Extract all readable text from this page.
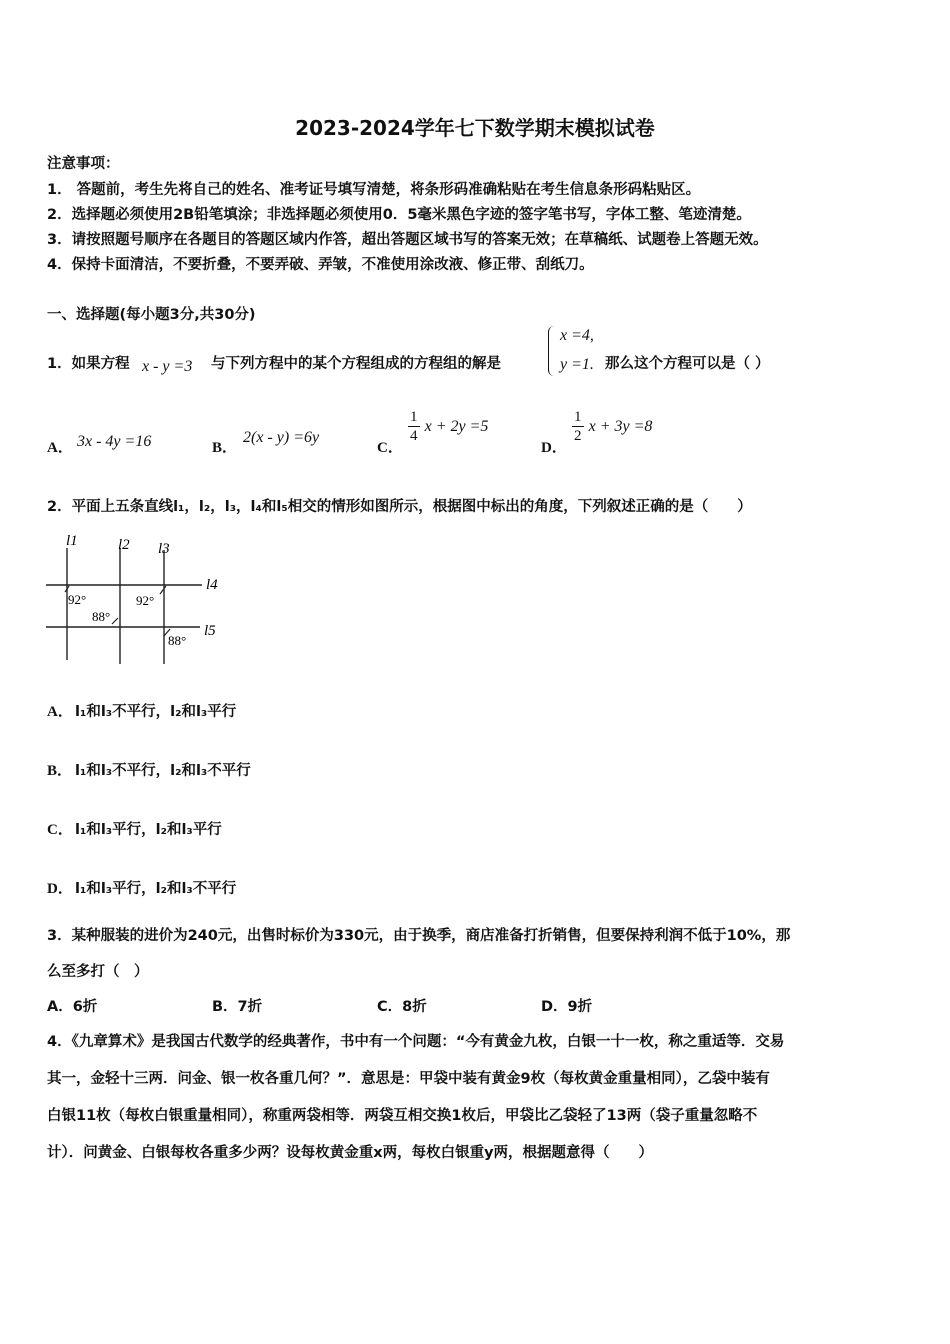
2023-2024学年七下数学期末模拟试卷
注意事项：
1． 答题前，考生先将自己的姓名、准考证号填写清楚，将条形码准确粘贴在考生信息条形码粘贴区。
2．选择题必须使用2B铅笔填涂；非选择题必须使用0．5毫米黑色字迹的签字笔书写，字体工整、笔迹清楚。
3．请按照题号顺序在各题目的答题区域内作答，超出答题区域书写的答案无效；在草稿纸、试题卷上答题无效。
4．保持卡面清洁，不要折叠，不要弄破、弄皱，不准使用涂改液、修正带、刮纸刀。
一、选择题(每小题3分,共30分)
1．如果方程 x - y =3 与下列方程中的某个方程组成的方程组的解是
x =4,
y =1. 那么这个方程可以是（ ）
A． 3x - 4y =16	B．
2(x - y) =6y
C．
$\frac{1}{4}$ x + 2y =5
D．
$\frac{1}{2}$ x + 3y =8
2．平面上五条直线l₁，l₂，l₃，l₄和l₅相交的情形如图所示，根据图中标出的角度，下列叙述正确的是（　　）
l1	l2 l3
l4
l5
92°
88°
92°
88°
A． l₁和l₃不平行，l₂和l₃平行
B． l₁和l₃不平行，l₂和l₃不平行
C． l₁和l₃平行，l₂和l₃平行
D． l₁和l₃平行，l₂和l₃不平行
3．某种服装的进价为240元，出售时标价为330元，由于换季，商店准备打折销售，但要保持利润不低于10%，那
么至多打（　）
A．6折	B．7折	C．8折	D．9折
4．《九章算术》是我国古代数学的经典著作，书中有一个问题：“今有黄金九枚，白银一十一枚，称之重适等．交易
其一，金轻十三两．问金、银一枚各重几何？”．意思是：甲袋中装有黄金9枚（每枚黄金重量相同），乙袋中装有
白银11枚（每枚白银重量相同），称重两袋相等．两袋互相交换1枚后，甲袋比乙袋轻了13两（袋子重量忽略不
计）．问黄金、白银每枚各重多少两？设每枚黄金重x两，每枚白银重y两，根据题意得（　　）
